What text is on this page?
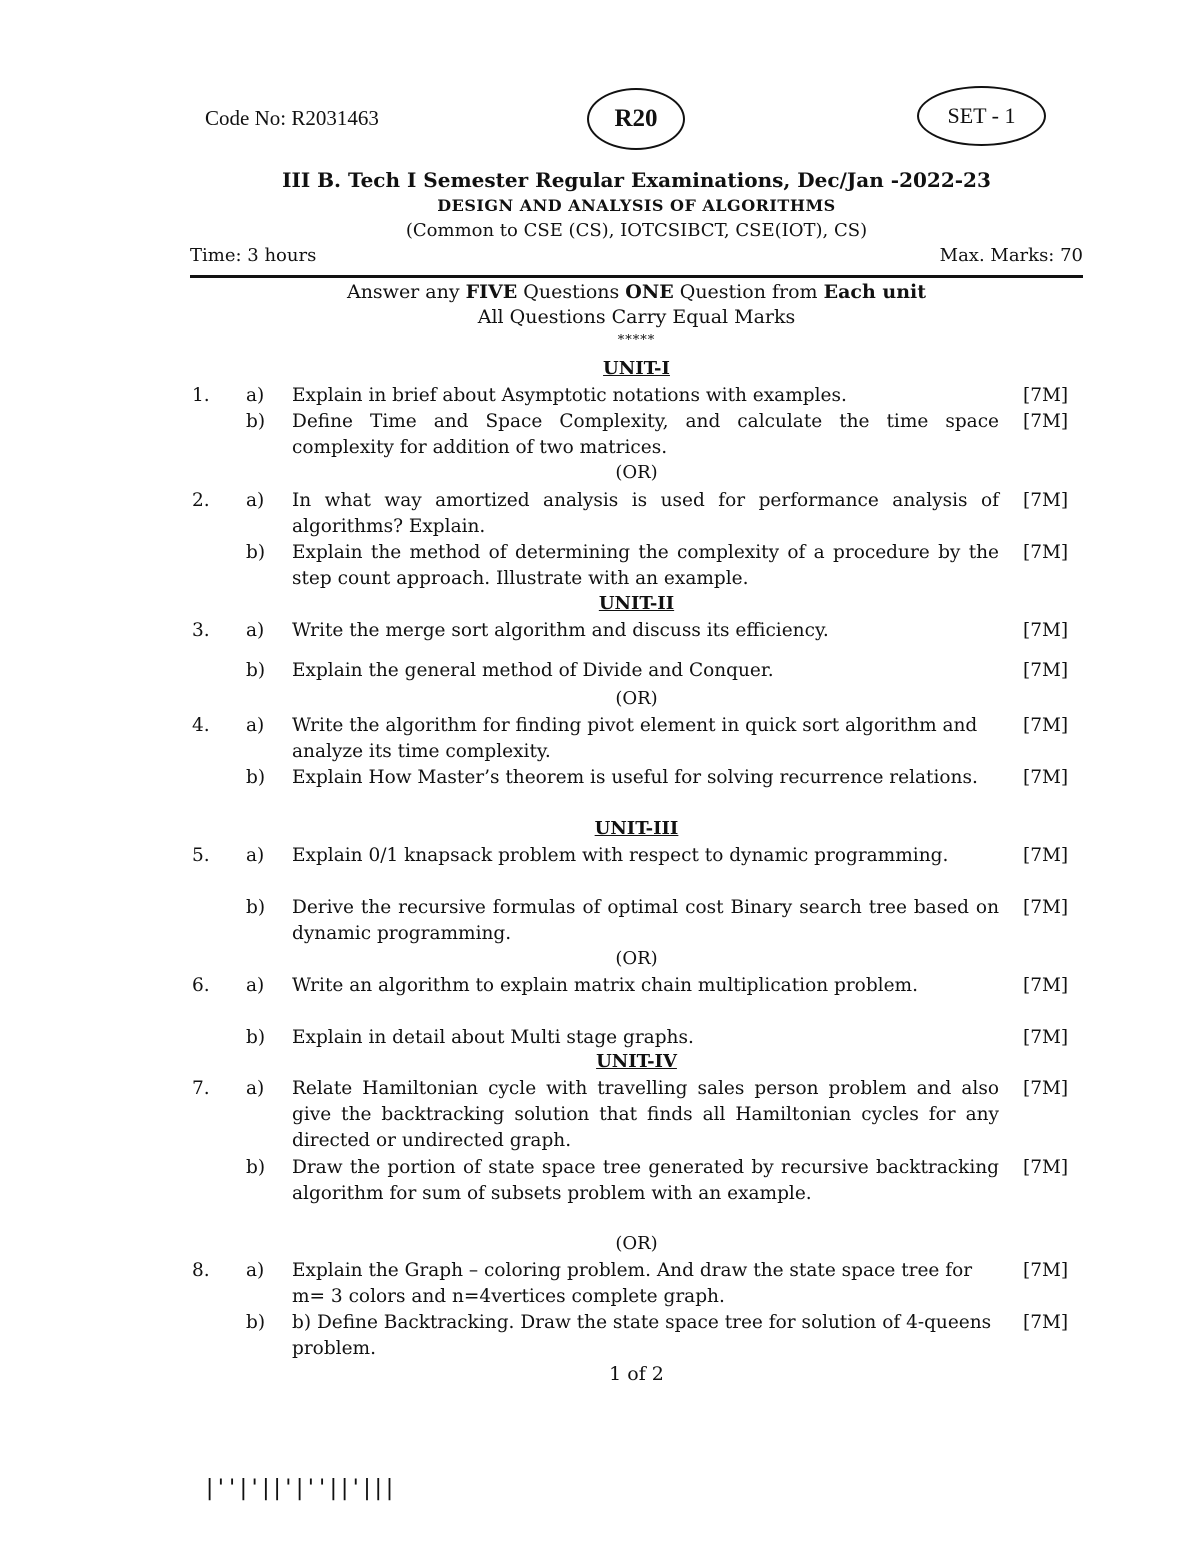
Code No: R2031463	R20	SET - 1
III B. Tech I Semester Regular Examinations, Dec/Jan -2022-23
DESIGN AND ANALYSIS OF ALGORITHMS
(Common to CSE (CS), IOTCSIBCT, CSE(IOT), CS)
Time: 3 hours	Max. Marks: 70
Answer any FIVE Questions ONE Question from Each unit
All Questions Carry Equal Marks
*****
UNIT-I
1.	a)	Explain in brief about Asymptotic notations with examples.	[7M]
b)	Define Time and Space Complexity, and calculate the time space complexity for addition of two matrices.
[7M]
(OR)
2.	a)	In what way amortized analysis is used for performance analysis of algorithms? Explain.
[7M]
b)	Explain the method of determining the complexity of a procedure by the step count approach. Illustrate with an example.
[7M]
UNIT-II
3.	a)	Write the merge sort algorithm and discuss its efficiency.	[7M]
b)	Explain the general method of Divide and Conquer.	[7M]
(OR)
4.	a)	Write the algorithm for finding pivot element in quick sort algorithm and analyze its time complexity.
[7M]
b)	Explain How Master’s theorem is useful for solving recurrence relations.	[7M]
UNIT-III
5.	a)	Explain 0/1 knapsack problem with respect to dynamic programming.	[7M]
b)	Derive the recursive formulas of optimal cost Binary search tree based on dynamic programming.
[7M]
(OR)
6.	a)	Write an algorithm to explain matrix chain multiplication problem.	[7M]
b)	Explain in detail about Multi stage graphs.	[7M]
UNIT-IV
7.	a)	Relate Hamiltonian cycle with travelling sales person problem and also give the backtracking solution that finds all Hamiltonian cycles for any directed or undirected graph.
[7M]
b)	Draw the portion of state space tree generated by recursive backtracking algorithm for sum of subsets problem with an example.
[7M]
(OR)
8.	a)	Explain the Graph – coloring problem. And draw the state space tree for m= 3 colors and n=4vertices complete graph.
[7M]
b)	b) Define Backtracking. Draw the state space tree for solution of 4-queens problem.
[7M]
1 of 2
|''|'||'|''||'|||
